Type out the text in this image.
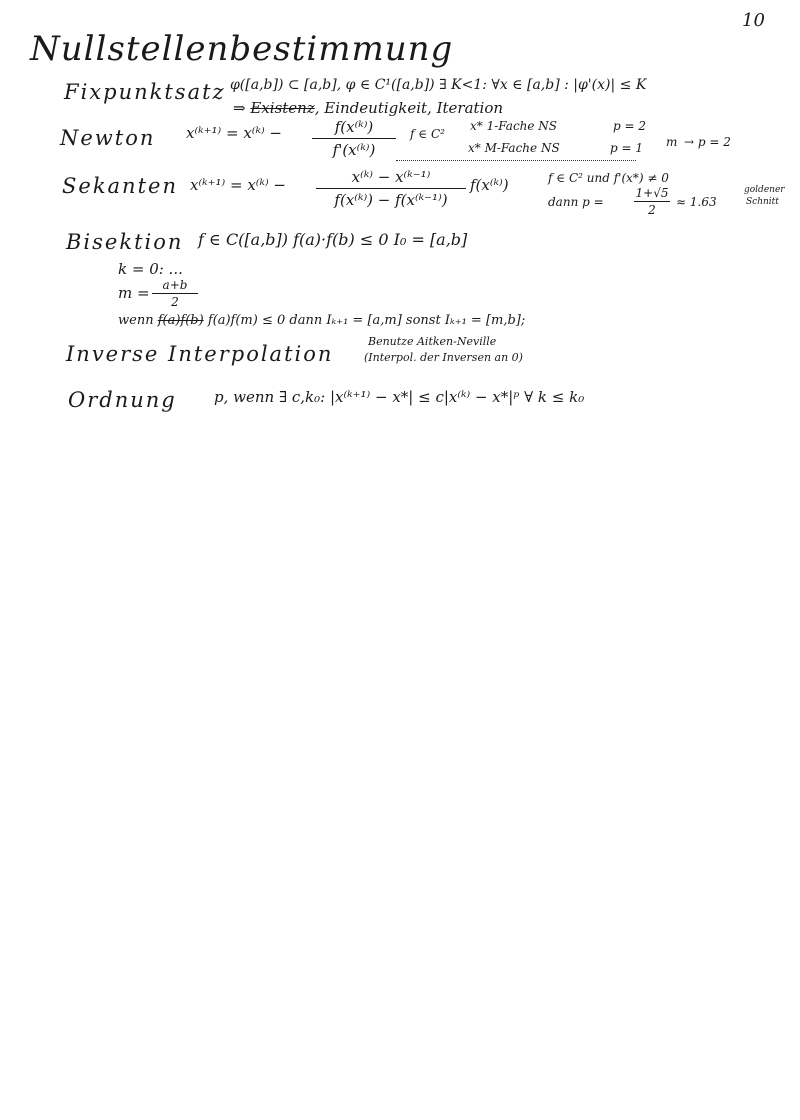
10
Nullstellenbestimmung
Fixpunktsatz φ([a,b]) ⊂ [a,b], φ ∈ C¹([a,b]) ∃ K<1: ∀x ∈ [a,b] : |φ'(x)| ≤ K
⇒ Existenz, Eindeutigkeit, Iteration
Newton x⁽ᵏ⁺¹⁾ = x⁽ᵏ⁾ −	f(x⁽ᵏ⁾)
f'(x⁽ᵏ⁾)
f ∈ C²
x* 1-Fache NS	p = 2
x* M-Fache NS	p = 1 m → p = 2
Sekanten x⁽ᵏ⁺¹⁾ = x⁽ᵏ⁾ −	x⁽ᵏ⁾ − x⁽ᵏ⁻¹⁾
f(x⁽ᵏ⁾) − f(x⁽ᵏ⁻¹⁾)
f(x⁽ᵏ⁾)	f ∈ C² und f'(x*) ≠ 0
dann p =
1+√5
2
≈ 1.63
goldener
Schnitt
Bisektion f ∈ C([a,b]) f(a)·f(b) ≤ 0 I₀ = [a,b]
k = 0: ...
m =	a+b
2
wenn f(a)f(b) f(a)f(m) ≤ 0 dann Iₖ₊₁ = [a,m] sonst Iₖ₊₁ = [m,b];
Inverse Interpolation
Benutze Aitken-Neville
(Interpol. der Inversen an 0)
Ordnung p, wenn ∃ c,k₀: |x⁽ᵏ⁺¹⁾ − x*| ≤ c|x⁽ᵏ⁾ − x*|ᵖ ∀ k ≤ k₀
